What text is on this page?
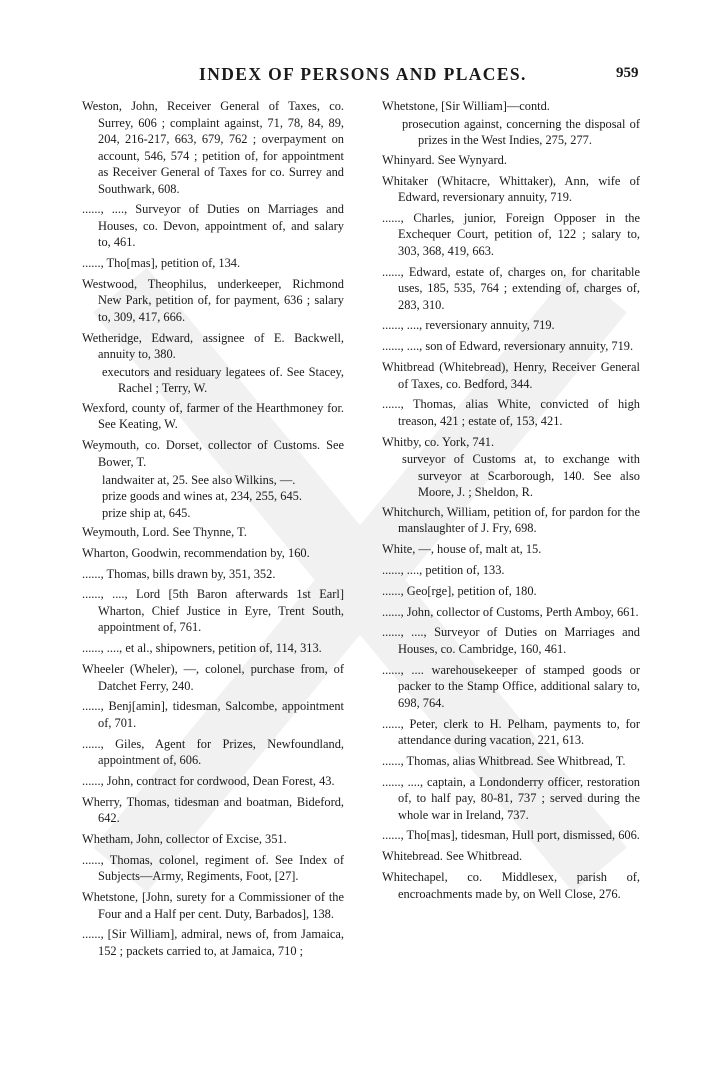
INDEX OF PERSONS AND PLACES.	959
Weston, John, Receiver General of Taxes, co. Surrey, 606 ; complaint against, 71, 78, 84, 89, 204, 216-217, 663, 679, 762 ; overpayment on account, 546, 574 ; petition of, for appointment as Receiver General of Taxes for co. Surrey and Southwark, 608.
......, ...., Surveyor of Duties on Marriages and Houses, co. Devon, appointment of, and salary to, 461.
......, Tho[mas], petition of, 134.
Westwood, Theophilus, underkeeper, Richmond New Park, petition of, for payment, 636 ; salary to, 309, 417, 666.
Wetheridge, Edward, assignee of E. Backwell, annuity to, 380.
executors and residuary legatees of. See Stacey, Rachel ; Terry, W.
Wexford, county of, farmer of the Hearthmoney for. See Keating, W.
Weymouth, co. Dorset, collector of Customs. See Bower, T.
landwaiter at, 25. See also Wilkins, —.
prize goods and wines at, 234, 255, 645.
prize ship at, 645.
Weymouth, Lord. See Thynne, T.
Wharton, Goodwin, recommendation by, 160.
......, Thomas, bills drawn by, 351, 352.
......, ...., Lord [5th Baron afterwards 1st Earl] Wharton, Chief Justice in Eyre, Trent South, appointment of, 761.
......, ...., et al., shipowners, petition of, 114, 313.
Wheeler (Wheler), —, colonel, purchase from, of Datchet Ferry, 240.
......, Benj[amin], tidesman, Salcombe, appointment of, 701.
......, Giles, Agent for Prizes, Newfoundland, appointment of, 606.
......, John, contract for cordwood, Dean Forest, 43.
Wherry, Thomas, tidesman and boatman, Bideford, 642.
Whetham, John, collector of Excise, 351.
......, Thomas, colonel, regiment of. See Index of Subjects—Army, Regiments, Foot, [27].
Whetstone, [John, surety for a Commissioner of the Four and a Half per cent. Duty, Barbados], 138.
......, [Sir William], admiral, news of, from Jamaica, 152 ; packets carried to, at Jamaica, 710 ;
Whetstone, [Sir William]—contd.
prosecution against, concerning the disposal of prizes in the West Indies, 275, 277.
Whinyard. See Wynyard.
Whitaker (Whitacre, Whittaker), Ann, wife of Edward, reversionary annuity, 719.
......, Charles, junior, Foreign Opposer in the Exchequer Court, petition of, 122 ; salary to, 303, 368, 419, 663.
......, Edward, estate of, charges on, for charitable uses, 185, 535, 764 ; extending of, charges of, 283, 310.
......, ...., reversionary annuity, 719.
......, ...., son of Edward, reversionary annuity, 719.
Whitbread (Whitebread), Henry, Receiver General of Taxes, co. Bedford, 344.
......, Thomas, alias White, convicted of high treason, 421 ; estate of, 153, 421.
Whitby, co. York, 741.
surveyor of Customs at, to exchange with surveyor at Scarborough, 140. See also Moore, J. ; Sheldon, R.
Whitchurch, William, petition of, for pardon for the manslaughter of J. Fry, 698.
White, —, house of, malt at, 15.
......, ...., petition of, 133.
......, Geo[rge], petition of, 180.
......, John, collector of Customs, Perth Amboy, 661.
......, ...., Surveyor of Duties on Marriages and Houses, co. Cambridge, 160, 461.
......, .... warehousekeeper of stamped goods or packer to the Stamp Office, additional salary to, 698, 764.
......, Peter, clerk to H. Pelham, payments to, for attendance during vacation, 221, 613.
......, Thomas, alias Whitbread. See Whitbread, T.
......, ...., captain, a Londonderry officer, restoration of, to half pay, 80-81, 737 ; served during the whole war in Ireland, 737.
......, Tho[mas], tidesman, Hull port, dismissed, 606.
Whitebread. See Whitbread.
Whitechapel, co. Middlesex, parish of, encroachments made by, on Well Close, 276.
